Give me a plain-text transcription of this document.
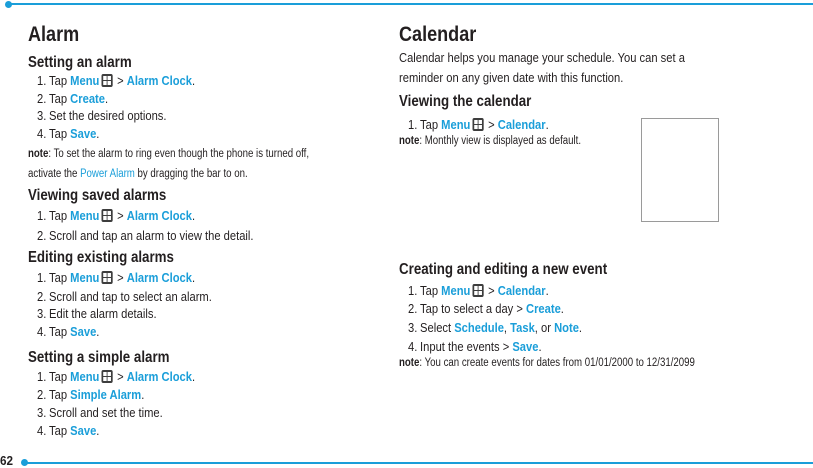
62
Alarm
Setting an alarm
1. Tap Menu > Alarm Clock.
2. Tap Create.
3. Set the desired options.
4. Tap Save.
note: To set the alarm to ring even though the phone is turned off,
activate the Power Alarm by dragging the bar to on.
Viewing saved alarms
1. Tap Menu > Alarm Clock.
2. Scroll and tap an alarm to view the detail.
Editing existing alarms
1. Tap Menu > Alarm Clock.
2. Scroll and tap to select an alarm.
3. Edit the alarm details.
4. Tap Save.
Setting a simple alarm
1. Tap Menu > Alarm Clock.
2. Tap Simple Alarm.
3. Scroll and set the time.
4. Tap Save.
Calendar
Calendar helps you manage your schedule. You can set a
reminder on any given date with this function.
Viewing the calendar
1. Tap Menu > Calendar.
note: Monthly view is displayed as default.
Creating and editing a new event
1. Tap Menu > Calendar.
2. Tap to select a day > Create.
3. Select Schedule, Task, or Note.
4. Input the events > Save.
note: You can create events for dates from 01/01/2000 to 12/31/2099
